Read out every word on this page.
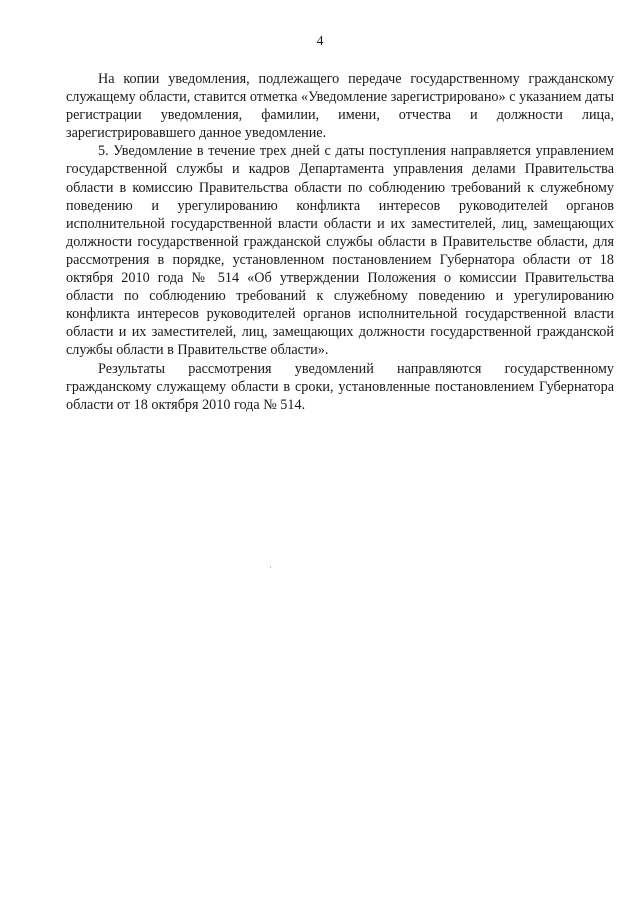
4

На копии уведомления, подлежащего передаче государственному гражданскому служащему области, ставится отметка «Уведомление зарегистрировано» с указанием даты регистрации уведомления, фамилии, имени, отчества и должности лица, зарегистрировавшего данное уведомление.

5. Уведомление в течение трех дней с даты поступления направляется управлением государственной службы и кадров Департамента управления делами Правительства области в комиссию Правительства области по соблюдению требований к служебному поведению и урегулированию конфликта интересов руководителей органов исполнительной государственной власти области и их заместителей, лиц, замещающих должности государственной гражданской службы области в Правительстве области, для рассмотрения в порядке, установленном постановлением Губернатора области от 18 октября 2010 года № 514 «Об утверждении Положения о комиссии Правительства области по соблюдению требований к служебному поведению и урегулированию конфликта интересов руководителей органов исполнительной государственной власти области и их заместителей, лиц, замещающих должности государственной гражданской службы области в Правительстве области».

Результаты рассмотрения уведомлений направляются государственному гражданскому служащему области в сроки, установленные постановлением Губернатора области от 18 октября 2010 года № 514.
